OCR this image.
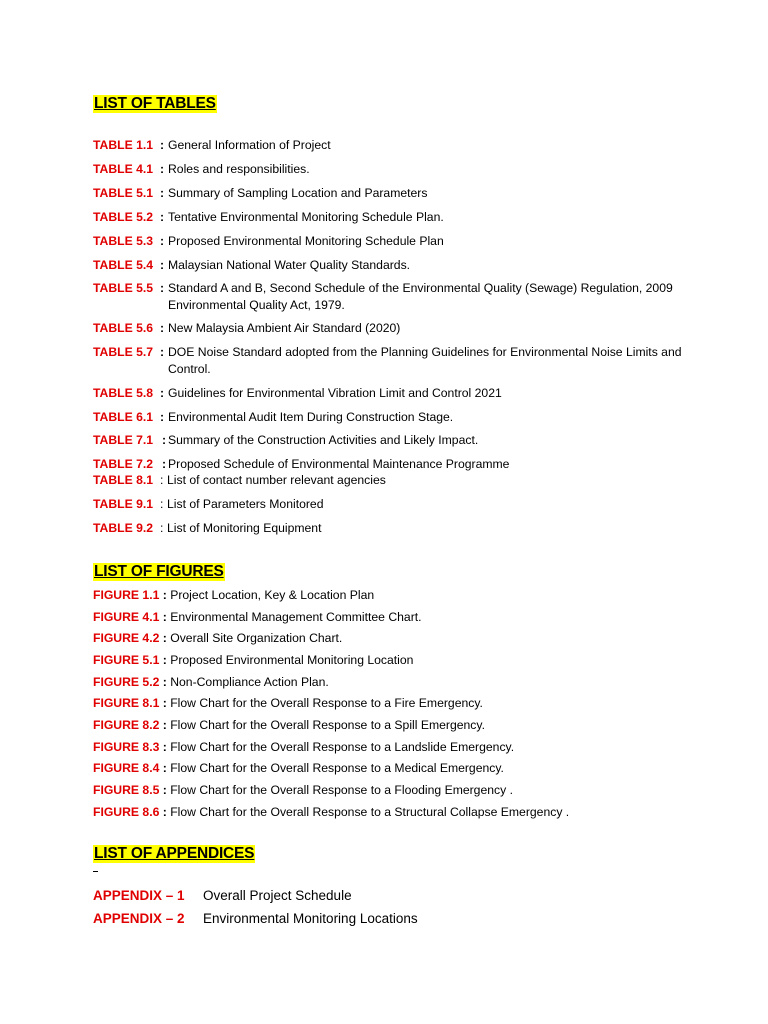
LIST OF TABLES
TABLE 1.1 : General Information of Project
TABLE 4.1 : Roles and responsibilities.
TABLE 5.1 : Summary of Sampling Location and Parameters
TABLE 5.2 : Tentative Environmental Monitoring Schedule Plan.
TABLE 5.3 : Proposed Environmental Monitoring Schedule Plan
TABLE 5.4 : Malaysian National Water Quality Standards.
TABLE 5.5 : Standard A and B, Second Schedule of the Environmental Quality (Sewage) Regulation, 2009
Environmental Quality Act, 1979.
TABLE 5.6 : New Malaysia Ambient Air Standard (2020)
TABLE 5.7 : DOE Noise Standard adopted from the Planning Guidelines for Environmental Noise Limits and
Control.
TABLE 5.8 : Guidelines for Environmental Vibration Limit and Control 2021
TABLE 6.1 : Environmental Audit Item During Construction Stage.
TABLE 7.1 : Summary of the Construction Activities and Likely Impact.
TABLE 7.2 : Proposed Schedule of Environmental Maintenance Programme
TABLE 8.1 : List of contact number relevant agencies
TABLE 9.1 : List of Parameters Monitored
TABLE 9.2 : List of Monitoring Equipment
LIST OF FIGURES
FIGURE 1.1 : Project Location, Key & Location Plan
FIGURE 4.1 : Environmental Management Committee Chart.
FIGURE 4.2 : Overall Site Organization Chart.
FIGURE 5.1 : Proposed Environmental Monitoring Location
FIGURE 5.2 : Non-Compliance Action Plan.
FIGURE 8.1 : Flow Chart for the Overall Response to a Fire Emergency.
FIGURE 8.2 : Flow Chart for the Overall Response to a Spill Emergency.
FIGURE 8.3 : Flow Chart for the Overall Response to a Landslide Emergency.
FIGURE 8.4 : Flow Chart for the Overall Response to a Medical Emergency.
FIGURE 8.5 : Flow Chart for the Overall Response to a Flooding Emergency .
FIGURE 8.6 : Flow Chart for the Overall Response to a Structural Collapse Emergency .
LIST OF APPENDICES
APPENDIX – 1 Overall Project Schedule
APPENDIX – 2 Environmental Monitoring Locations
